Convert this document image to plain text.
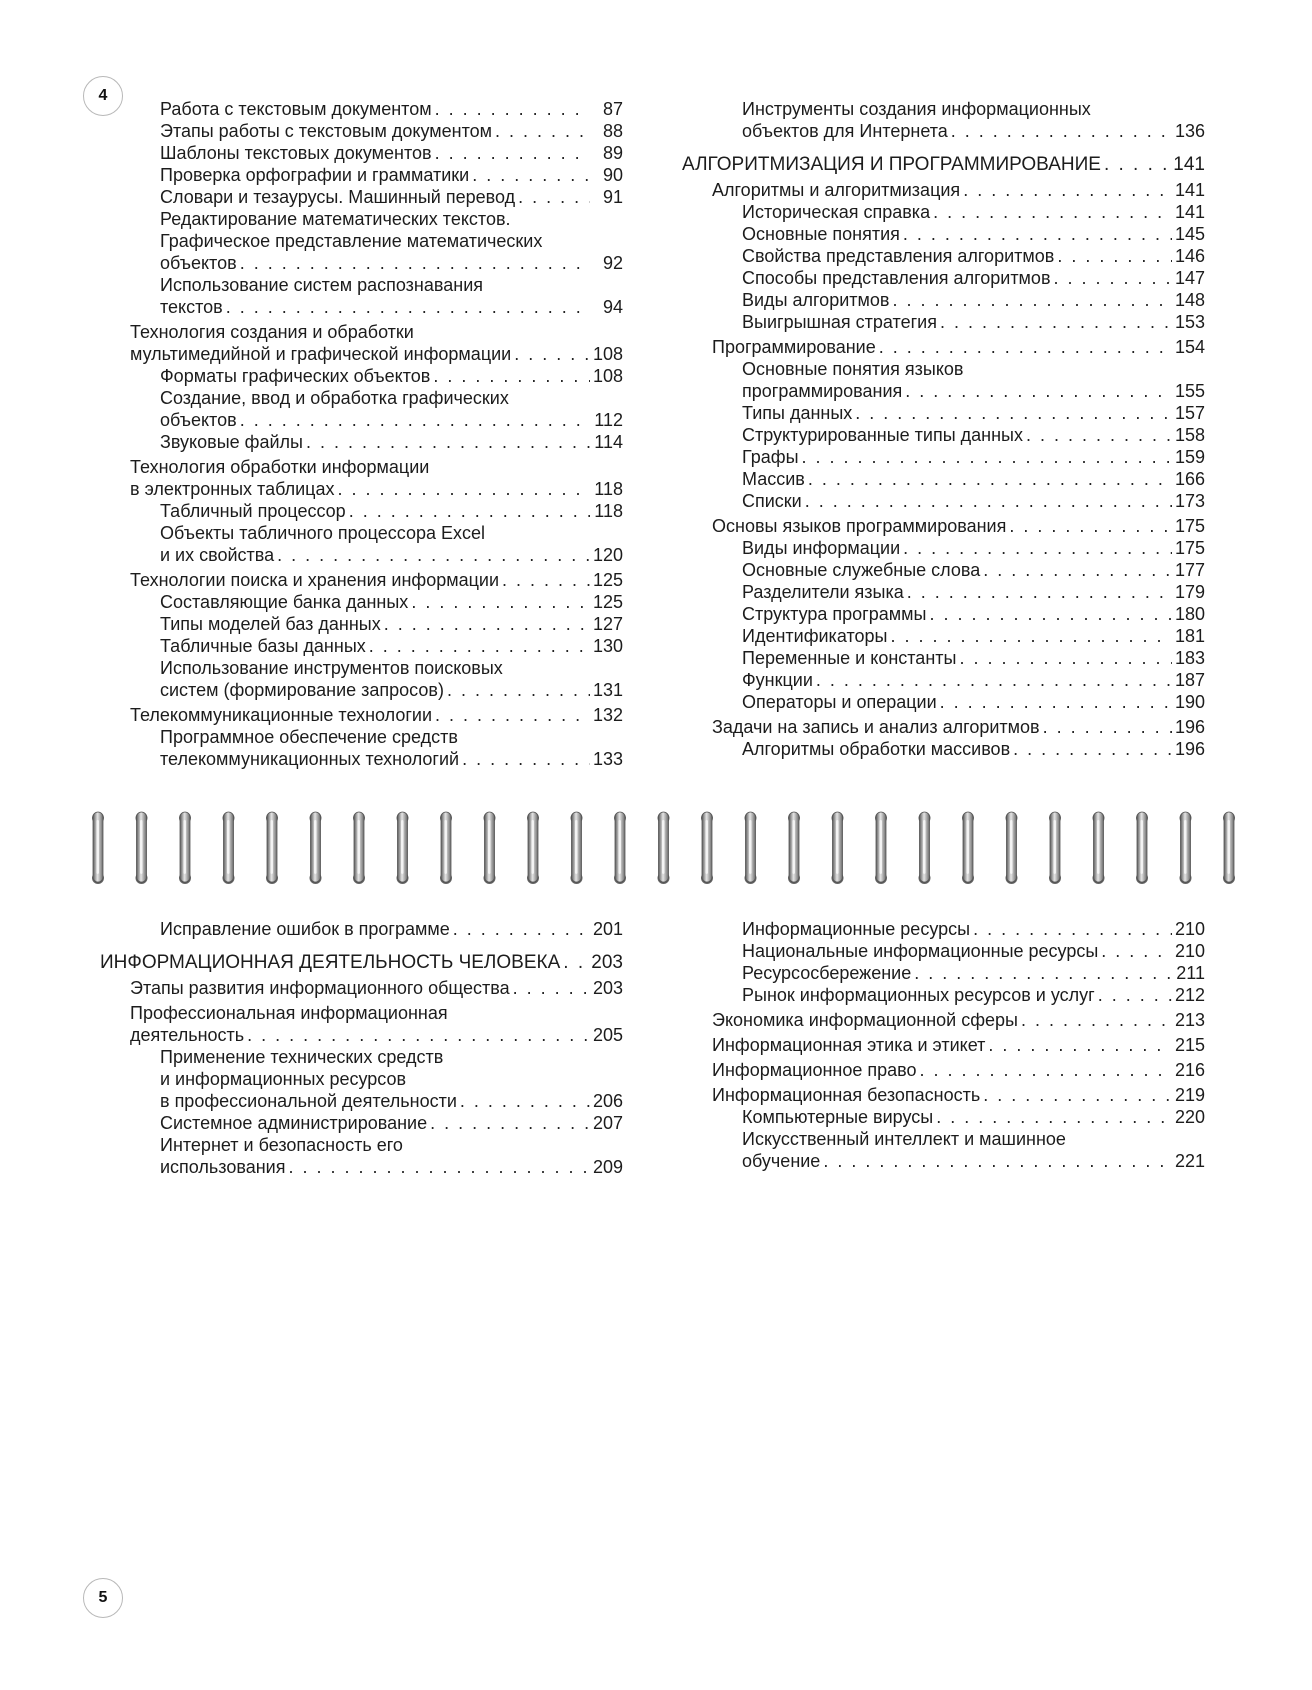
4
Работа с текстовым документом . . .	87
Этапы работы с текстовым документом . . .	88
Шаблоны текстовых документов . . .	89
Проверка орфографии и грамматики . . .	90
Словари и тезаурусы. Машинный перевод . . .	91
Редактирование математических текстов.
Графическое представление математических
объектов . . .	92
Использование систем распознавания
текстов . . .	94
Технология создания и обработки
мультимедийной и графической информации . . .	108
Форматы графических объектов . . .	108
Создание, ввод и обработка графических
объектов . . .	112
Звуковые файлы . . .	114
Технология обработки информации
в электронных таблицах . . .	118
Табличный процессор . . .	118
Объекты табличного процессора Excel
и их свойства . . .	120
Технологии поиска и хранения информации . . .	125
Составляющие банка данных . . .	125
Типы моделей баз данных . . .	127
Табличные базы данных . . .	130
Использование инструментов поисковых
систем (формирование запросов) . . .	131
Телекоммуникационные технологии . . .	132
Программное обеспечение средств
телекоммуникационных технологий . . .	133
Инструменты создания информационных
объектов для Интернета . . .	136
АЛГОРИТМИЗАЦИЯ И ПРОГРАММИРОВАНИЕ . . .	141
Алгоритмы и алгоритмизация . . .	141
Историческая справка . . .	141
Основные понятия . . .	145
Свойства представления алгоритмов . . .	146
Способы представления алгоритмов . . .	147
Виды алгоритмов . . .	148
Выигрышная стратегия . . .	153
Программирование . . .	154
Основные понятия языков
программирования . . .	155
Типы данных . . .	157
Структурированные типы данных . . .	158
Графы . . .	159
Массив . . .	166
Списки . . .	173
Основы языков программирования . . .	175
Виды информации . . .	175
Основные служебные слова . . .	177
Разделители языка . . .	179
Структура программы . . .	180
Идентификаторы . . .	181
Переменные и константы . . .	183
Функции . . .	187
Операторы и операции . . .	190
Задачи на запись и анализ алгоритмов . . .	196
Алгоритмы обработки массивов . . .	196
Исправление ошибок в программе . . .	201
ИНФОРМАЦИОННАЯ ДЕЯТЕЛЬНОСТЬ ЧЕЛОВЕКА . . . 203
Этапы развития информационного общества . . .	203
Профессиональная информационная
деятельность . . .	205
Применение технических средств
и информационных ресурсов
в профессиональной деятельности . . .	206
Системное администрирование . . .	207
Интернет и безопасность его
использования . . .	209
Информационные ресурсы . . .	210
Национальные информационные ресурсы . . .	210
Ресурсосбережение . . .	211
Рынок информационных ресурсов и услуг . . .	212
Экономика информационной сферы . . .	213
Информационная этика и этикет . . .	215
Информационное право . . .	216
Информационная безопасность . . .	219
Компьютерные вирусы . . .	220
Искусственный интеллект и машинное
обучение . . .	221
5
